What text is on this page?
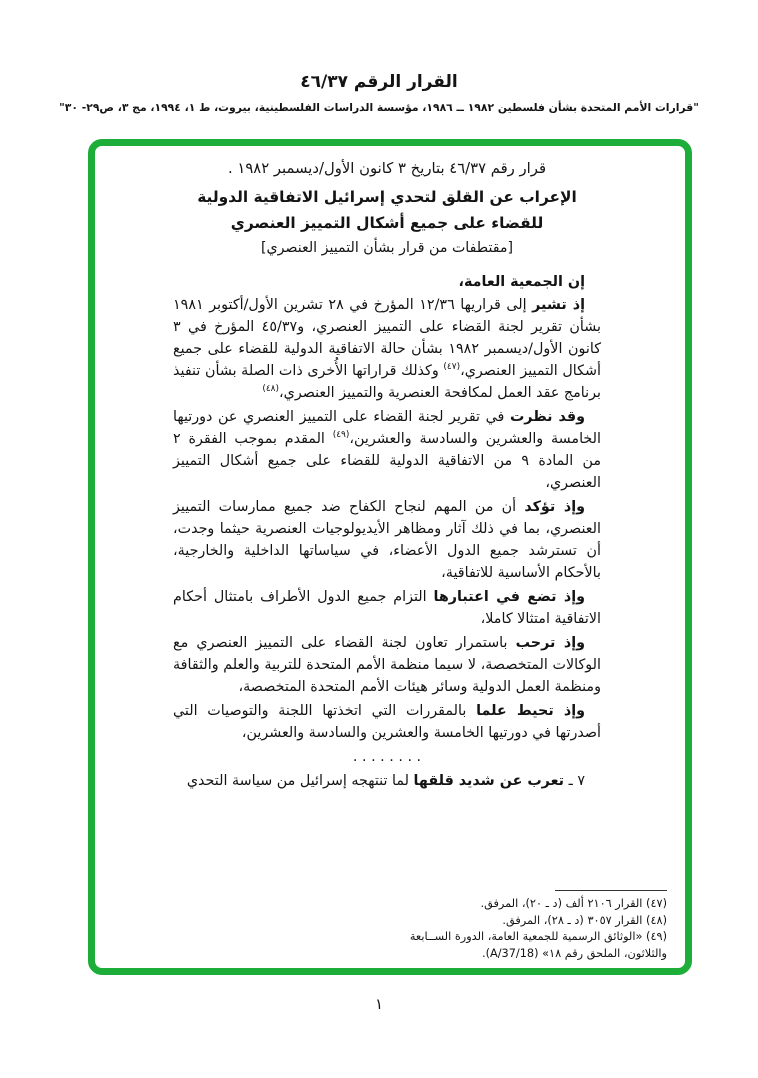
القرار الرقم ٤٦/٣٧
"قرارات الأمم المتحدة بشأن فلسطين ١٩٨٢ ــ ١٩٨٦، مؤسسة الدراسات الفلسطينية، بيروت، ط ١، ١٩٩٤، مج ٣، ص٢٩- ٣٠"
قرار رقم ٤٦/٣٧ بتاريخ ٣ كانون الأول/ديسمبر ١٩٨٢ .
الإعراب عن القلق لتحدي إسرائيل الاتفاقية الدولية
للقضاء على جميع أشكال التمييز العنصري
[مقتطفات من قرار بشأن التمييز العنصري]
إن الجمعية العامة،
إذ تشير إلى قراريها ١٢/٣٦ المؤرخ في ٢٨ تشرين الأول/أكتوبر ١٩٨١ بشأن تقرير لجنة القضاء على التمييز العنصري، و٤٥/٣٧ المؤرخ في ٣ كانون الأول/ديسمبر ١٩٨٢ بشأن حالة الاتفاقية الدولية للقضاء على جميع أشكال التمييز العنصري،$^{(٤٧)}$ وكذلك قراراتها الأُخرى ذات الصلة بشأن تنفيذ برنامج عقد العمل لمكافحة العنصرية والتمييز العنصري،$^{(٤٨)}$
وقد نظرت في تقرير لجنة القضاء على التمييز العنصري عن دورتيها الخامسة والعشرين والسادسة والعشرين،$^{(٤٩)}$ المقدم بموجب الفقرة ٢ من المادة ٩ من الاتفاقية الدولية للقضاء على جميع أشكال التمييز العنصري،
وإذ تؤكد أن من المهم لنجاح الكفاح ضد جميع ممارسات التمييز العنصري، بما في ذلك آثار ومظاهر الأيديولوجيات العنصرية حيثما وجدت، أن تسترشد جميع الدول الأعضاء، في سياساتها الداخلية والخارجية، بالأحكام الأساسية للاتفاقية،
وإذ تضع في اعتبارها التزام جميع الدول الأطراف بامتثال أحكام الاتفاقية امتثالا كاملا،
وإذ ترحب باستمرار تعاون لجنة القضاء على التمييز العنصري مع الوكالات المتخصصة، لا سيما منظمة الأمم المتحدة للتربية والعلم والثقافة ومنظمة العمل الدولية وسائر هيئات الأمم المتحدة المتخصصة،
وإذ تحيط علما بالمقررات التي اتخذتها اللجنة والتوصيات التي أصدرتها في دورتيها الخامسة والعشرين والسادسة والعشرين،
. . . . . . . .
٧ ـ تعرب عن شديد قلقها لما تنتهجه إسرائيل من سياسة التحدي
(٤٧) القرار ٢١٠٦ ألف (د ـ ٢٠)، المرفق.
(٤٨) القرار ٣٠٥٧ (د ـ ٢٨)، المرفق.
(٤٩) «الوثائق الرسمية للجمعية العامة، الدورة الســابعة والثلاثون، الملحق رقم ١٨» (A/37/18).
١
